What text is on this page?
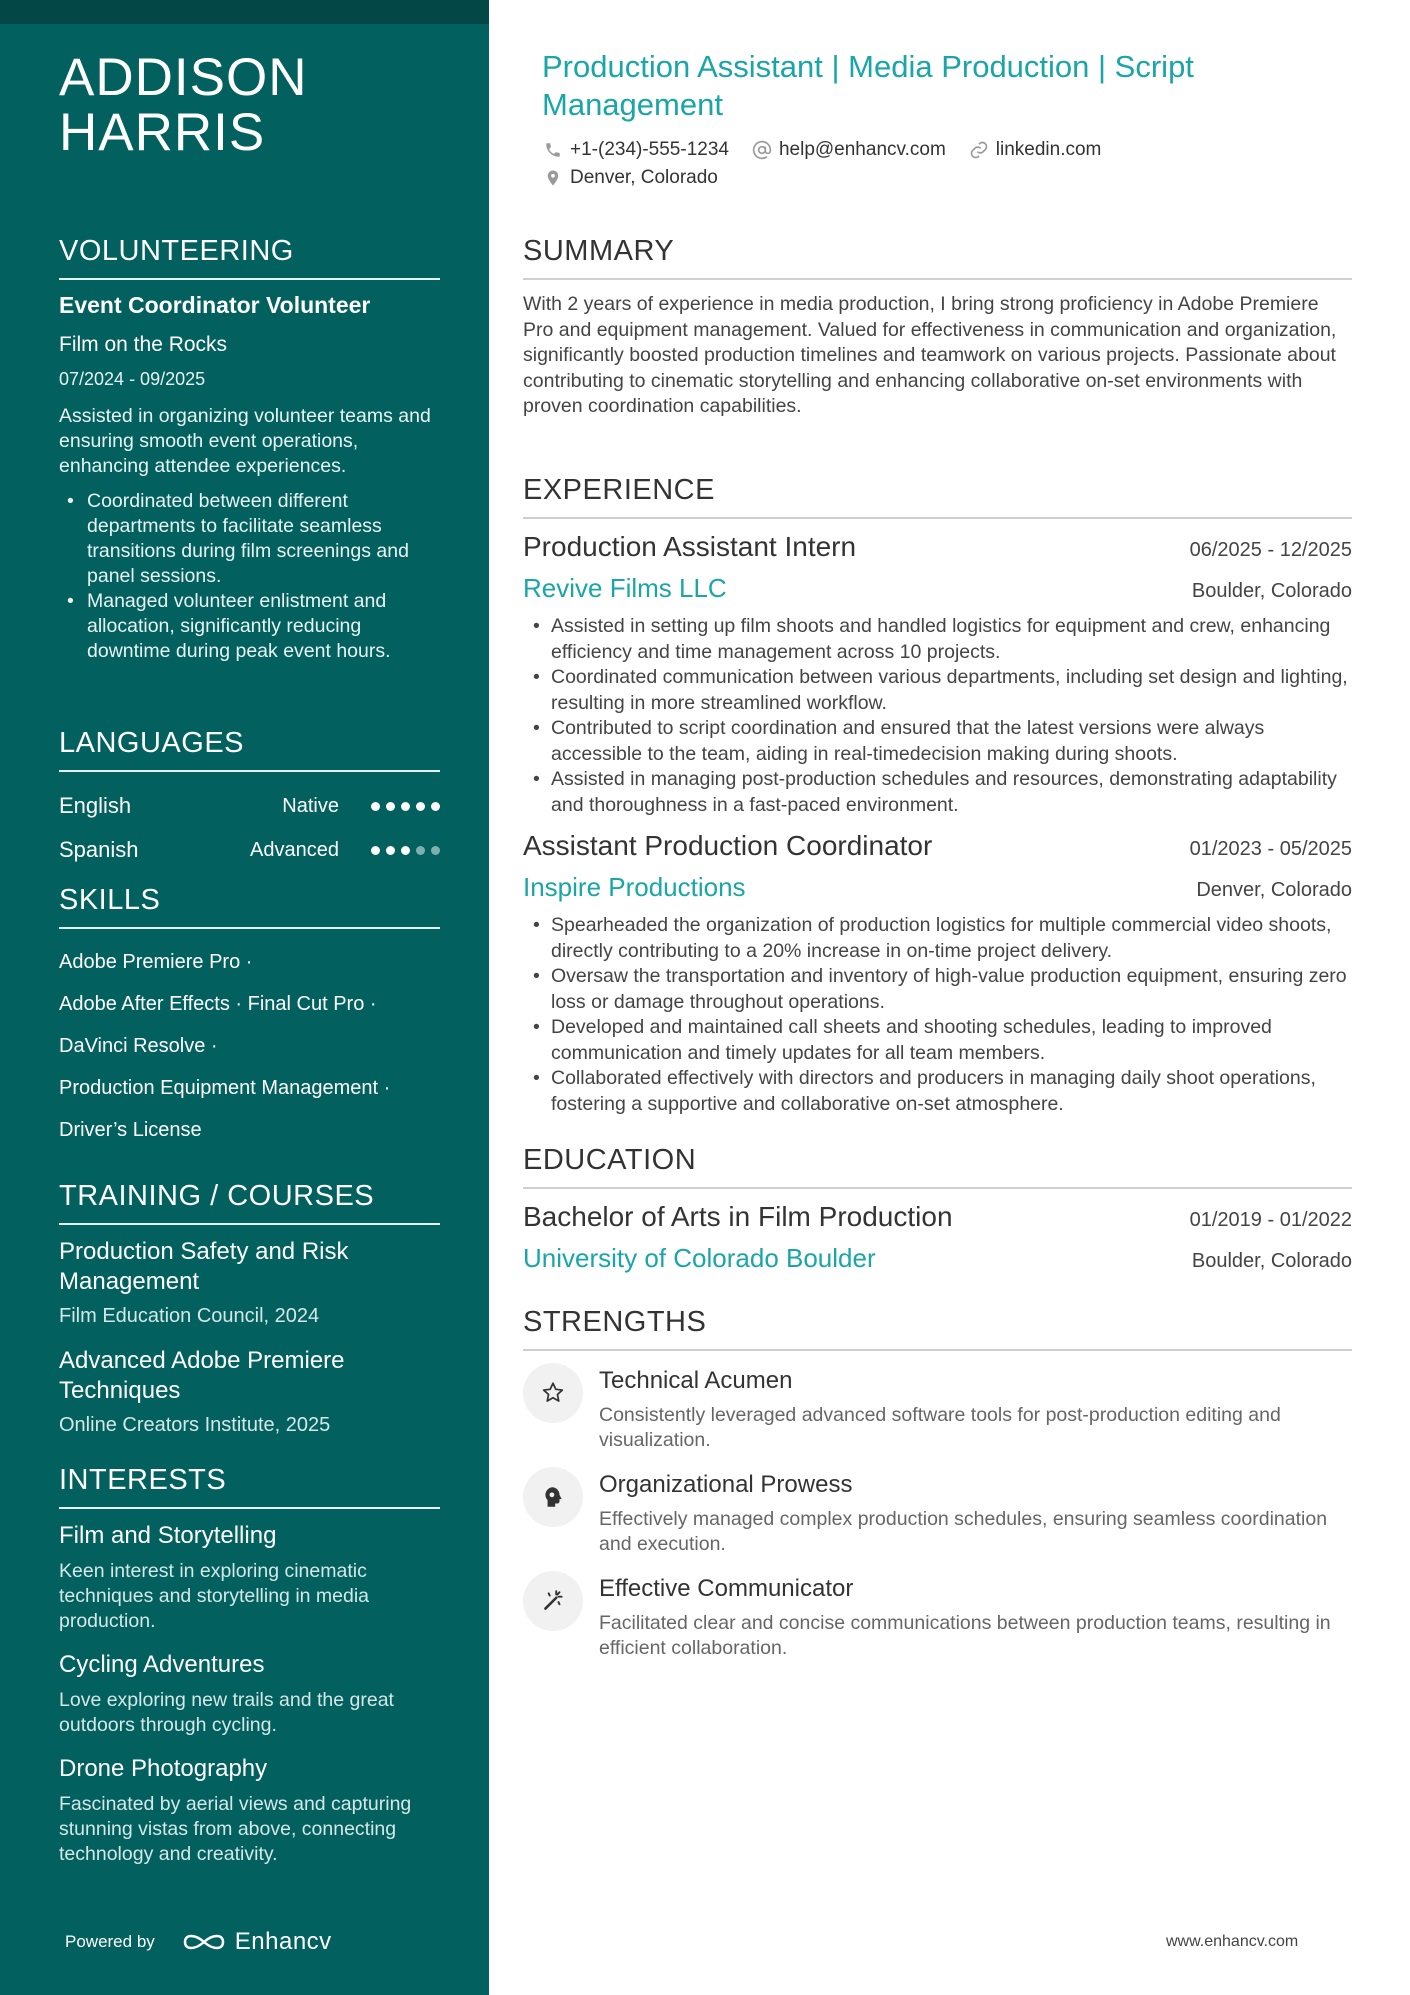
ADDISON
HARRIS
VOLUNTEERING
Event Coordinator Volunteer
Film on the Rocks
07/2024 - 09/2025
Assisted in organizing volunteer teams and ensuring smooth event operations, enhancing attendee experiences.
• Coordinated between different departments to facilitate seamless transitions during film screenings and panel sessions.
• Managed volunteer enlistment and allocation, significantly reducing downtime during peak event hours.
LANGUAGES
English	Native
Spanish	Advanced
SKILLS
Adobe Premiere Pro ·
Adobe After Effects · Final Cut Pro ·
DaVinci Resolve ·
Production Equipment Management ·
Driver’s License
TRAINING / COURSES
Production Safety and Risk Management
Film Education Council, 2024
Advanced Adobe Premiere Techniques
Online Creators Institute, 2025
INTERESTS
Film and Storytelling
Keen interest in exploring cinematic techniques and storytelling in media production.
Cycling Adventures
Love exploring new trails and the great outdoors through cycling.
Drone Photography
Fascinated by aerial views and capturing stunning vistas from above, connecting technology and creativity.
Powered by	Enhancv
Production Assistant | Media Production | Script Management
+1-(234)-555-1234	help@enhancv.com	linkedin.com
Denver, Colorado
SUMMARY
With 2 years of experience in media production, I bring strong proficiency in Adobe Premiere Pro and equipment management. Valued for effectiveness in communication and organization, significantly boosted production timelines and teamwork on various projects. Passionate about contributing to cinematic storytelling and enhancing collaborative on-set environments with proven coordination capabilities.
EXPERIENCE
Production Assistant Intern	06/2025 - 12/2025
Revive Films LLC	Boulder, Colorado
• Assisted in setting up film shoots and handled logistics for equipment and crew, enhancing efficiency and time management across 10 projects.
• Coordinated communication between various departments, including set design and lighting, resulting in more streamlined workflow.
• Contributed to script coordination and ensured that the latest versions were always accessible to the team, aiding in real-timedecision making during shoots.
• Assisted in managing post-production schedules and resources, demonstrating adaptability and thoroughness in a fast-paced environment.
Assistant Production Coordinator	01/2023 - 05/2025
Inspire Productions	Denver, Colorado
• Spearheaded the organization of production logistics for multiple commercial video shoots, directly contributing to a 20% increase in on-time project delivery.
• Oversaw the transportation and inventory of high-value production equipment, ensuring zero loss or damage throughout operations.
• Developed and maintained call sheets and shooting schedules, leading to improved communication and timely updates for all team members.
• Collaborated effectively with directors and producers in managing daily shoot operations, fostering a supportive and collaborative on-set atmosphere.
EDUCATION
Bachelor of Arts in Film Production	01/2019 - 01/2022
University of Colorado Boulder	Boulder, Colorado
STRENGTHS
Technical Acumen
Consistently leveraged advanced software tools for post-production editing and visualization.
Organizational Prowess
Effectively managed complex production schedules, ensuring seamless coordination and execution.
Effective Communicator
Facilitated clear and concise communications between production teams, resulting in efficient collaboration.
www.enhancv.com
